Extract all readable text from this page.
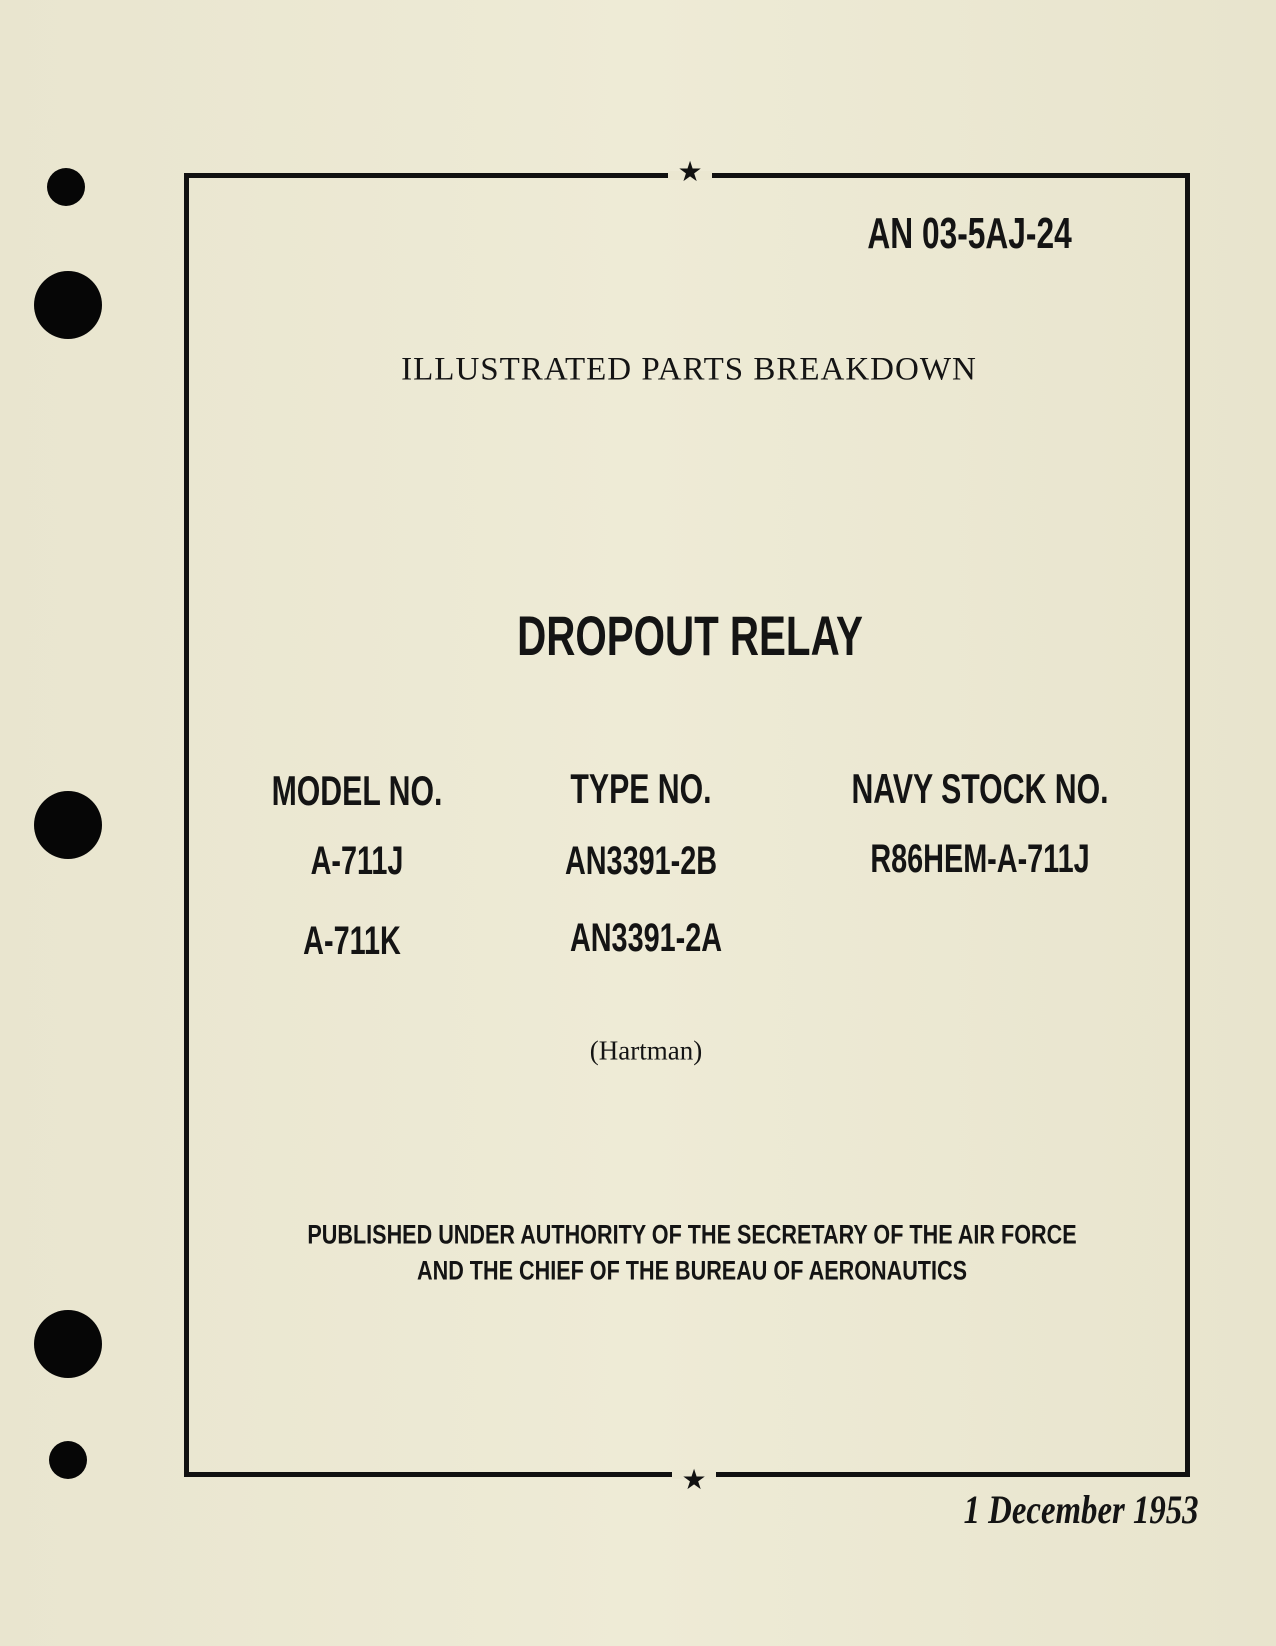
★
★
AN 03-5AJ-24
ILLUSTRATED PARTS BREAKDOWN
DROPOUT RELAY
MODEL NO.	TYPE NO.	NAVY STOCK NO.
A-711J	AN3391-2B	R86HEM-A-711J
A-711K	AN3391-2A
(Hartman)
PUBLISHED UNDER AUTHORITY OF THE SECRETARY OF THE AIR FORCE
AND THE CHIEF OF THE BUREAU OF AERONAUTICS
1 December 1953
